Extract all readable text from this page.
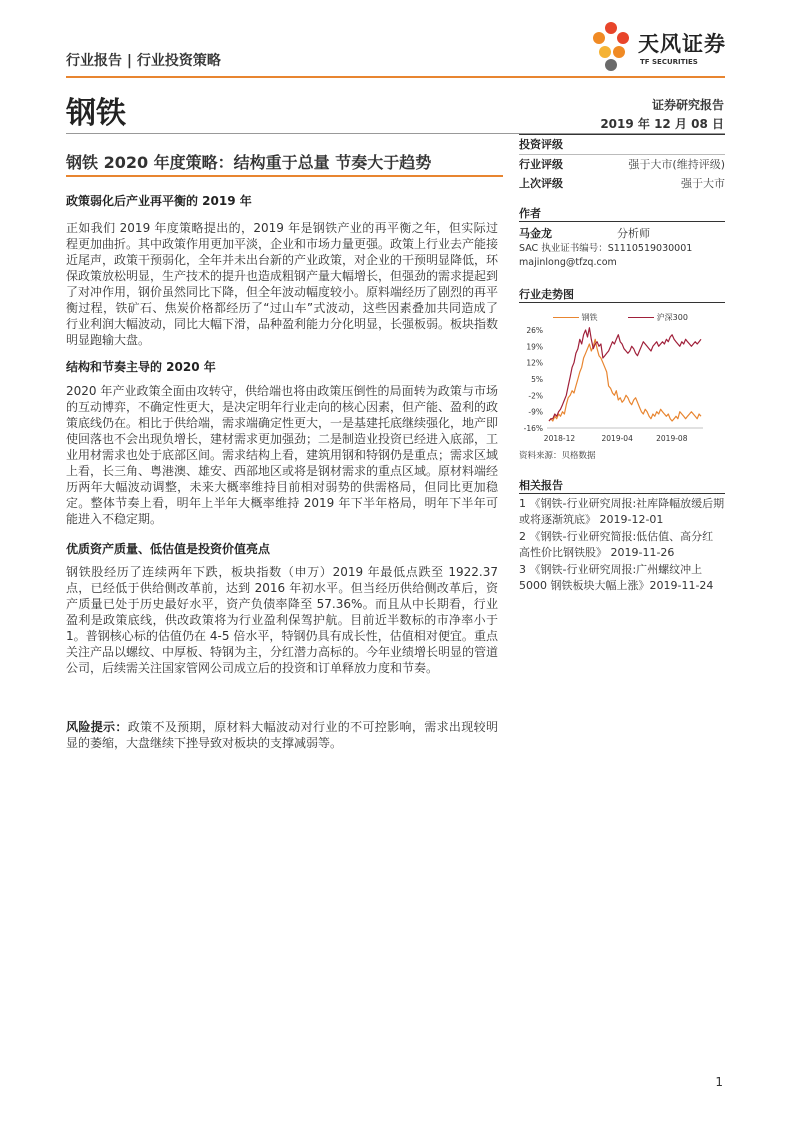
行业报告 | 行业投资策略
天风证券
TF SECURITIES
钢铁	证券研究报告
2019 年 12 月 08 日
钢铁 2020 年度策略：结构重于总量 节奏大于趋势
政策弱化后产业再平衡的 2019 年
正如我们 2019 年度策略提出的，2019 年是钢铁产业的再平衡之年，但实际过程更加曲折。其中政策作用更加平淡，企业和市场力量更强。政策上行业去产能接近尾声，政策干预弱化，全年并未出台新的产业政策，对企业的干预明显降低，环保政策放松明显，生产技术的提升也造成粗钢产量大幅增长，但强劲的需求提起到了对冲作用，钢价虽然同比下降，但全年波动幅度较小。原料端经历了剧烈的再平衡过程，铁矿石、焦炭价格都经历了“过山车”式波动，这些因素叠加共同造成了行业利润大幅波动，同比大幅下滑，品种盈利能力分化明显，长强板弱。板块指数明显跑输大盘。
结构和节奏主导的 2020 年
2020 年产业政策全面由攻转守，供给端也将由政策压倒性的局面转为政策与市场的互动博弈，不确定性更大，是决定明年行业走向的核心因素，但产能、盈利的政策底线仍在。相比于供给端，需求端确定性更大，一是基建托底继续强化，地产即使回落也不会出现负增长，建材需求更加强劲；二是制造业投资已经进入底部，工业用材需求也处于底部区间。需求结构上看，建筑用钢和特钢仍是重点；需求区域上看，长三角、粤港澳、雄安、西部地区或将是钢材需求的重点区域。原材料端经历两年大幅波动调整，未来大概率维持目前相对弱势的供需格局，但同比更加稳定。整体节奏上看，明年上半年大概率维持 2019 年下半年格局，明年下半年可能进入不稳定期。
优质资产质量、低估值是投资价值亮点
钢铁股经历了连续两年下跌，板块指数（申万）2019 年最低点跌至 1922.37 点，已经低于供给侧改革前，达到 2016 年初水平。但当经历供给侧改革后，资产质量已处于历史最好水平，资产负债率降至 57.36%。而且从中长期看，行业盈利是政策底线，供改政策将为行业盈利保驾护航。目前近半数标的市净率小于 1。普钢核心标的估值仍在 4-5 倍水平，特钢仍具有成长性，估值相对便宜。重点关注产品以螺纹、中厚板、特钢为主，分红潜力高标的。今年业绩增长明显的管道公司，后续需关注国家管网公司成立后的投资和订单释放力度和节奏。
风险提示：政策不及预期，原材料大幅波动对行业的不可控影响，需求出现较明显的萎缩，大盘继续下挫导致对板块的支撑减弱等。
投资评级
行业评级	强于大市(维持评级)
上次评级	强于大市
作者
马金龙	分析师
SAC 执业证书编号：S1110519030001
majinlong@tfzq.com
行业走势图
钢铁	沪深300
26%
19%
12%
5%
-2%
-9%
-16%
2018-12	2019-04	2019-08
资料来源：贝格数据
相关报告
1 《钢铁-行业研究周报:社库降幅放缓后期或将逐渐筑底》 2019-12-01
2 《钢铁-行业研究简报:低估值、高分红 高性价比钢铁股》 2019-11-26
3 《钢铁-行业研究周报:广州螺纹冲上5000 钢铁板块大幅上涨》2019-11-24
1
